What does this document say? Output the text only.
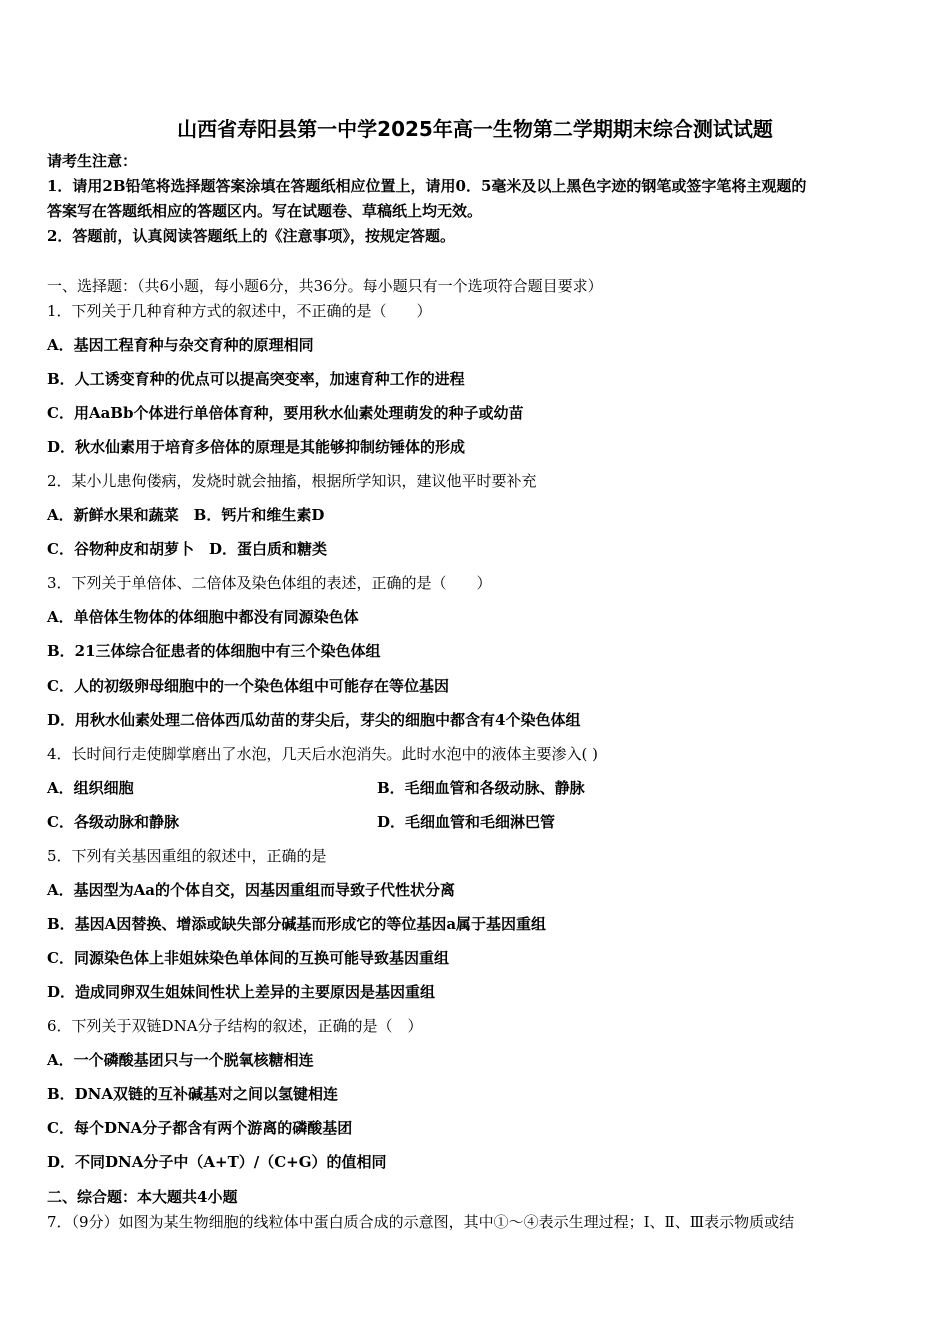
山西省寿阳县第一中学2025年高一生物第二学期期末综合测试试题
请考生注意：
1．请用2B铅笔将选择题答案涂填在答题纸相应位置上，请用0．5毫米及以上黑色字迹的钢笔或签字笔将主观题的
答案写在答题纸相应的答题区内。写在试题卷、草稿纸上均无效。
2．答题前，认真阅读答题纸上的《注意事项》，按规定答题。
一、选择题：（共6小题，每小题6分，共36分。每小题只有一个选项符合题目要求）
1．下列关于几种育种方式的叙述中，不正确的是（　　）
A．基因工程育种与杂交育种的原理相同
B．人工诱变育种的优点可以提高突变率，加速育种工作的进程
C．用AaBb个体进行单倍体育种，要用秋水仙素处理萌发的种子或幼苗
D．秋水仙素用于培育多倍体的原理是其能够抑制纺锤体的形成
2．某小儿患佝偻病，发烧时就会抽搐，根据所学知识，建议他平时要补充
A．新鲜水果和蔬菜　B．钙片和维生素D
C．谷物种皮和胡萝卜　D．蛋白质和糖类
3．下列关于单倍体、二倍体及染色体组的表述，正确的是（　　）
A．单倍体生物体的体细胞中都没有同源染色体
B．21三体综合征患者的体细胞中有三个染色体组
C．人的初级卵母细胞中的一个染色体组中可能存在等位基因
D．用秋水仙素处理二倍体西瓜幼苗的芽尖后，芽尖的细胞中都含有4个染色体组
4．长时间行走使脚掌磨出了水泡，几天后水泡消失。此时水泡中的液体主要渗入( )
A．组织细胞	B．毛细血管和各级动脉、静脉
C．各级动脉和静脉	D．毛细血管和毛细淋巴管
5．下列有关基因重组的叙述中，正确的是
A．基因型为Aa的个体自交，因基因重组而导致子代性状分离
B．基因A因替换、增添或缺失部分碱基而形成它的等位基因a属于基因重组
C．同源染色体上非姐妹染色单体间的互换可能导致基因重组
D．造成同卵双生姐妹间性状上差异的主要原因是基因重组
6．下列关于双链DNA分子结构的叙述，正确的是（　）
A．一个磷酸基团只与一个脱氧核糖相连
B．DNA双链的互补碱基对之间以氢键相连
C．每个DNA分子都含有两个游离的磷酸基团
D．不同DNA分子中（A+T）/（C+G）的值相同
二、综合题：本大题共4小题
7．（9分）如图为某生物细胞的线粒体中蛋白质合成的示意图，其中①～④表示生理过程；Ⅰ、Ⅱ、Ⅲ表示物质或结
